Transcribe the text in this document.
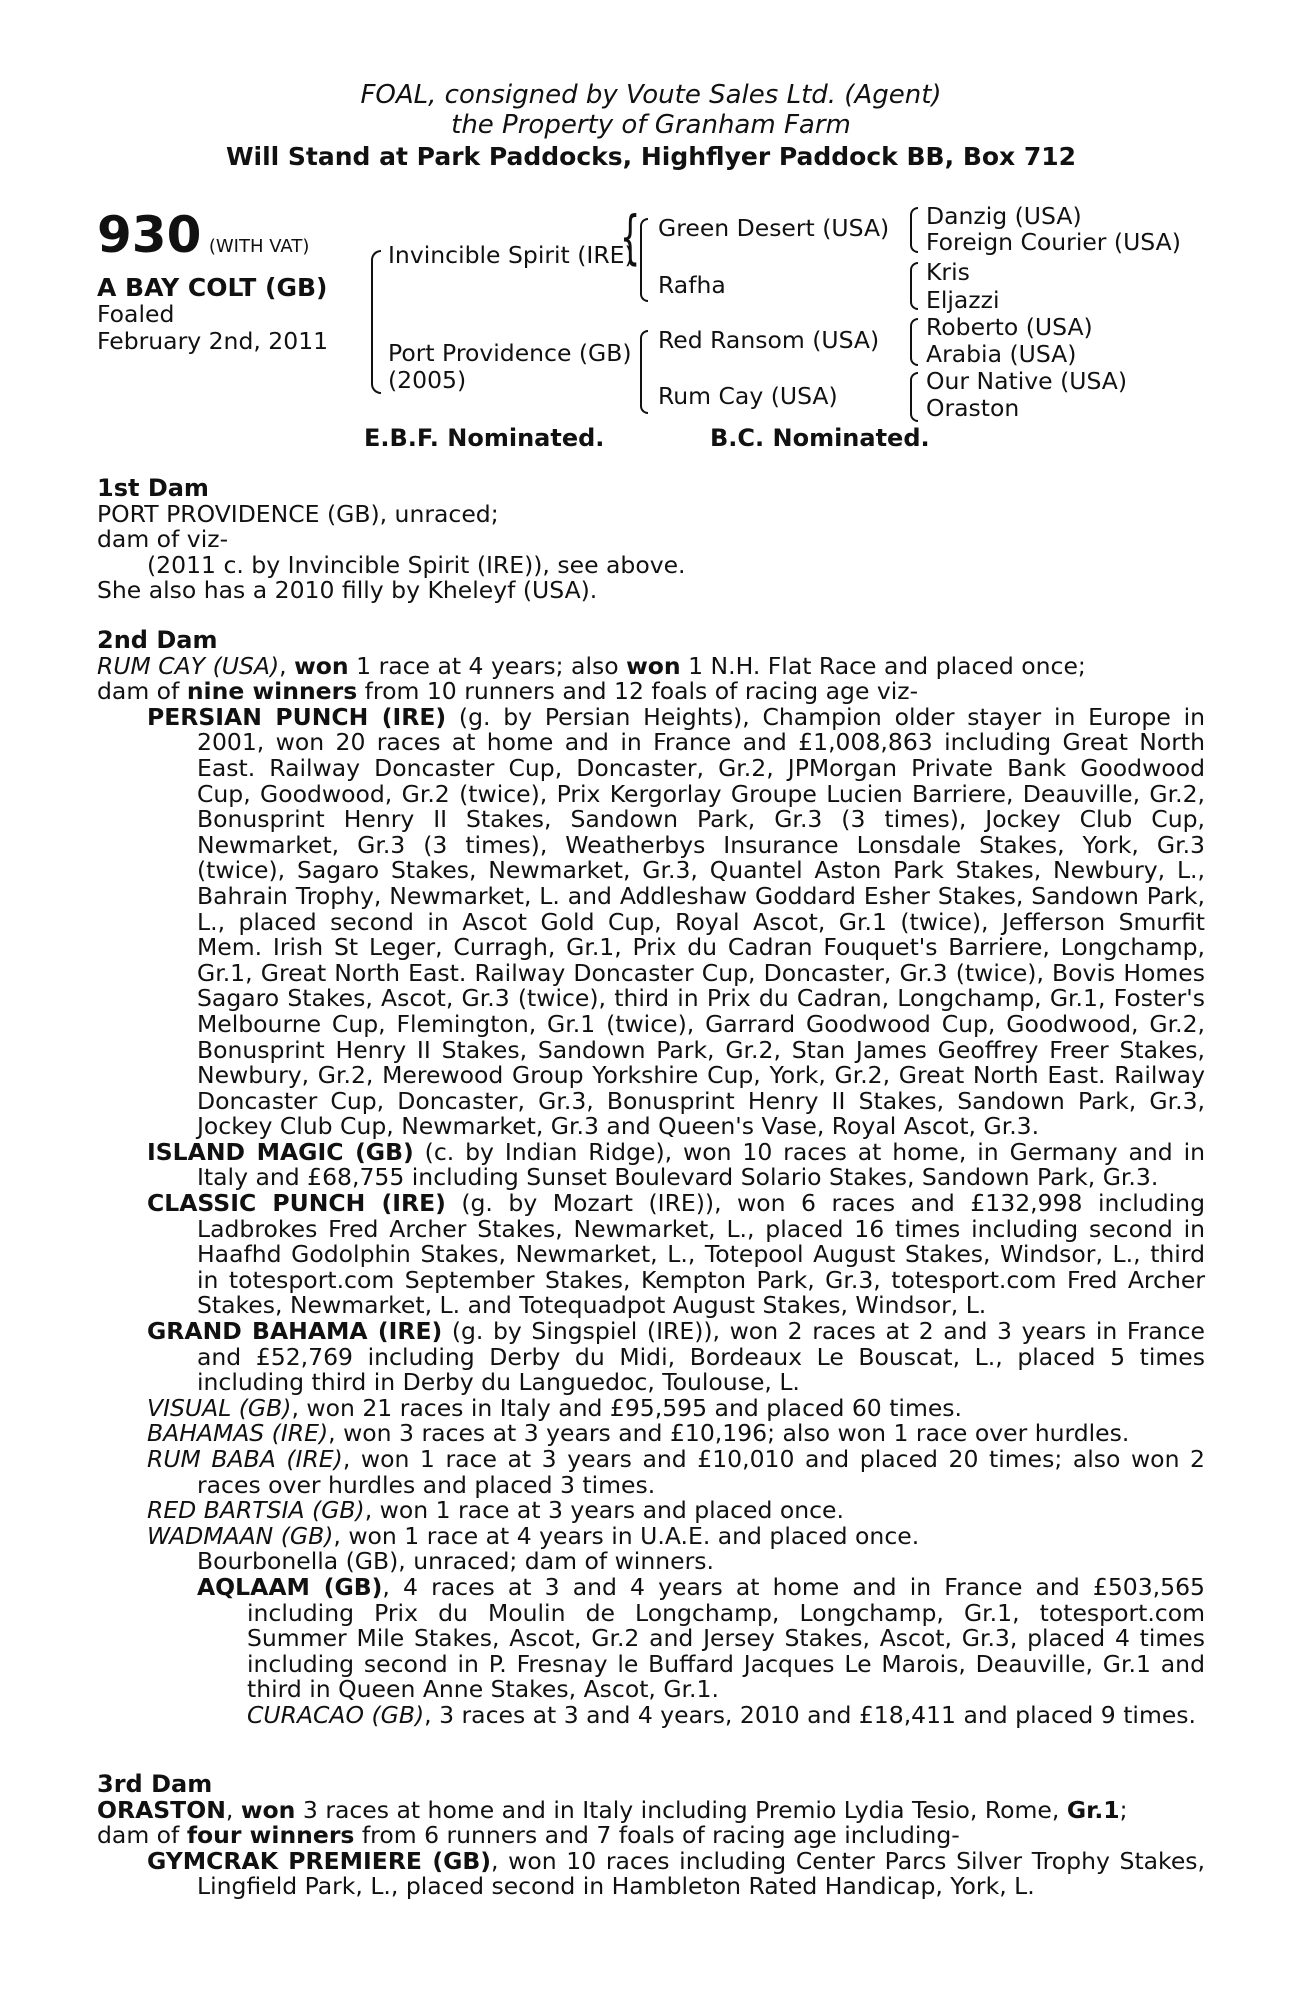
FOAL, consigned by Voute Sales Ltd. (Agent)
the Property of Granham Farm
Will Stand at Park Paddocks, Highflyer Paddock BB, Box 712
930 (WITH VAT)
A BAY COLT (GB)
Foaled
February 2nd, 2011
Invincible Spirit (IRE)
Port Providence (GB)
(2005)
{ Green Desert (USA)
Rafha
Red Ransom (USA)
Rum Cay (USA)
Danzig (USA)
Foreign Courier (USA)
Kris
Eljazzi
Roberto (USA)
Arabia (USA)
Our Native (USA)
Oraston
E.B.F. Nominated.	B.C. Nominated.

1st Dam

PORT PROVIDENCE (GB), unraced;

dam of viz-

(2011 c. by Invincible Spirit (IRE)), see above.

She also has a 2010 filly by Kheleyf (USA).

2nd Dam

RUM CAY (USA), won 1 race at 4 years; also won 1 N.H. Flat Race and placed once;

dam of nine winners from 10 runners and 12 foals of racing age viz-

PERSIAN PUNCH (IRE) (g. by Persian Heights), Champion older stayer in Europe in 2001, won 20 races at home and in France and £1,008,863 including Great North East. Railway Doncaster Cup, Doncaster, Gr.2, JPMorgan Private Bank Goodwood Cup, Goodwood, Gr.2 (twice), Prix Kergorlay Groupe Lucien Barriere, Deauville, Gr.2, Bonusprint Henry II Stakes, Sandown Park, Gr.3 (3 times), Jockey Club Cup, Newmarket, Gr.3 (3 times), Weatherbys Insurance Lonsdale Stakes, York, Gr.3 (twice), Sagaro Stakes, Newmarket, Gr.3, Quantel Aston Park Stakes, Newbury, L., Bahrain Trophy, Newmarket, L. and Addleshaw Goddard Esher Stakes, Sandown Park, L., placed second in Ascot Gold Cup, Royal Ascot, Gr.1 (twice), Jefferson Smurfit Mem. Irish St Leger, Curragh, Gr.1, Prix du Cadran Fouquet's Barriere, Longchamp, Gr.1, Great North East. Railway Doncaster Cup, Doncaster, Gr.3 (twice), Bovis Homes Sagaro Stakes, Ascot, Gr.3 (twice), third in Prix du Cadran, Longchamp, Gr.1, Foster's Melbourne Cup, Flemington, Gr.1 (twice), Garrard Goodwood Cup, Goodwood, Gr.2, Bonusprint Henry II Stakes, Sandown Park, Gr.2, Stan James Geoffrey Freer Stakes, Newbury, Gr.2, Merewood Group Yorkshire Cup, York, Gr.2, Great North East. Railway Doncaster Cup, Doncaster, Gr.3, Bonusprint Henry II Stakes, Sandown Park, Gr.3, Jockey Club Cup, Newmarket, Gr.3 and Queen's Vase, Royal Ascot, Gr.3.

ISLAND MAGIC (GB) (c. by Indian Ridge), won 10 races at home, in Germany and in Italy and £68,755 including Sunset Boulevard Solario Stakes, Sandown Park, Gr.3.

CLASSIC PUNCH (IRE) (g. by Mozart (IRE)), won 6 races and £132,998 including Ladbrokes Fred Archer Stakes, Newmarket, L., placed 16 times including second in Haafhd Godolphin Stakes, Newmarket, L., Totepool August Stakes, Windsor, L., third in totesport.com September Stakes, Kempton Park, Gr.3, totesport.com Fred Archer Stakes, Newmarket, L. and Totequadpot August Stakes, Windsor, L.

GRAND BAHAMA (IRE) (g. by Singspiel (IRE)), won 2 races at 2 and 3 years in France and £52,769 including Derby du Midi, Bordeaux Le Bouscat, L., placed 5 times including third in Derby du Languedoc, Toulouse, L.

VISUAL (GB), won 21 races in Italy and £95,595 and placed 60 times.

BAHAMAS (IRE), won 3 races at 3 years and £10,196; also won 1 race over hurdles.

RUM BABA (IRE), won 1 race at 3 years and £10,010 and placed 20 times; also won 2 races over hurdles and placed 3 times.

RED BARTSIA (GB), won 1 race at 3 years and placed once.

WADMAAN (GB), won 1 race at 4 years in U.A.E. and placed once.

Bourbonella (GB), unraced; dam of winners.

AQLAAM (GB), 4 races at 3 and 4 years at home and in France and £503,565 including Prix du Moulin de Longchamp, Longchamp, Gr.1, totesport.com Summer Mile Stakes, Ascot, Gr.2 and Jersey Stakes, Ascot, Gr.3, placed 4 times including second in P. Fresnay le Buffard Jacques Le Marois, Deauville, Gr.1 and third in Queen Anne Stakes, Ascot, Gr.1.

CURACAO (GB), 3 races at 3 and 4 years, 2010 and £18,411 and placed 9 times.

3rd Dam

ORASTON, won 3 races at home and in Italy including Premio Lydia Tesio, Rome, Gr.1;

dam of four winners from 6 runners and 7 foals of racing age including-

GYMCRAK PREMIERE (GB), won 10 races including Center Parcs Silver Trophy Stakes, Lingfield Park, L., placed second in Hambleton Rated Handicap, York, L.
